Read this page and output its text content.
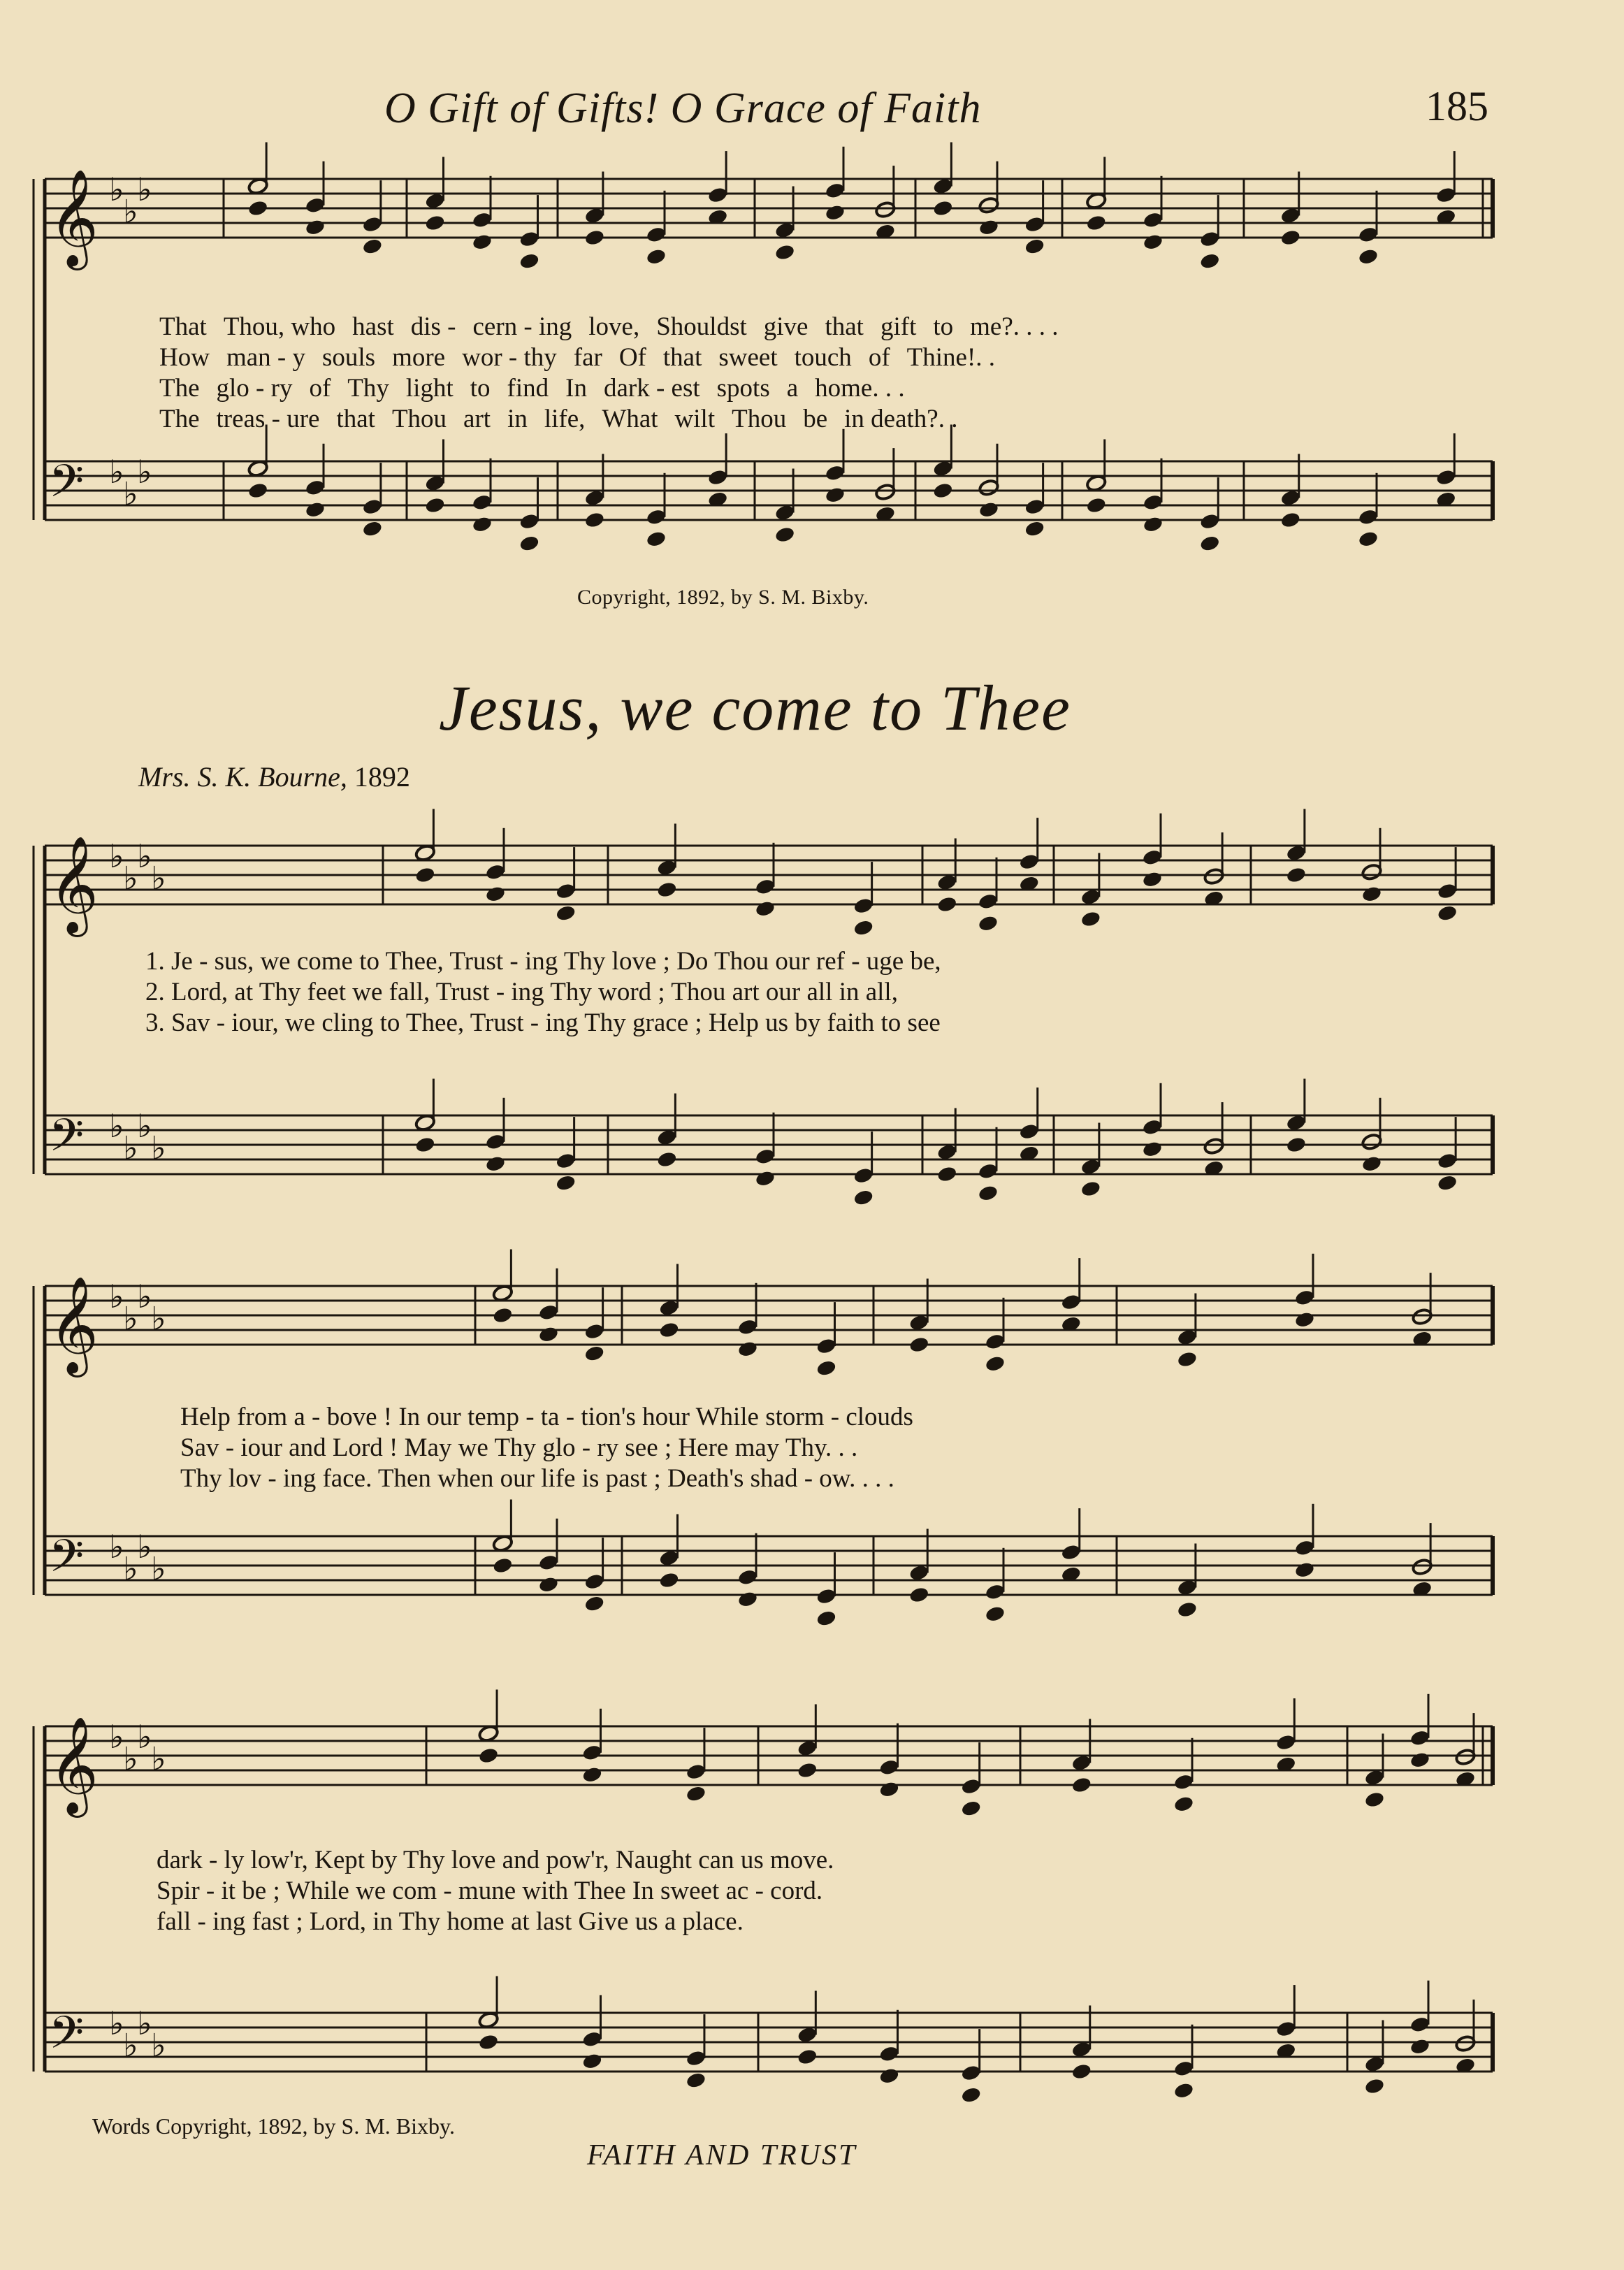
O Gift of Gifts! O Grace of Faith	185
𝄞 ♭
♭
♭
𝄢 ♭
♭
♭
𝄞 ♭
♭
♭
♭
𝄢 ♭
♭
♭
♭
𝄞 ♭
♭
♭
♭
𝄢 ♭
♭
♭
♭
𝄞 ♭
♭
♭
♭
𝄢 ♭
♭
♭
♭
That Thou, who hast dis - cern - ing love, Shouldst give that gift to me?. . . .
How man - y souls more wor - thy far Of that sweet touch of Thine!. .
The glo - ry of Thy light to find In dark - est spots a home. . .
The treas - ure that Thou art in life, What wilt Thou be in death?. .
Copyright, 1892, by S. M. Bixby.
Jesus, we come to Thee
Mrs. S. K. Bourne, 1892
1. Je - sus, we come to Thee, Trust - ing Thy love ; Do Thou our ref - uge be,
2. Lord, at Thy feet we fall, Trust - ing Thy word ; Thou art our all in all,
3. Sav - iour, we cling to Thee, Trust - ing Thy grace ; Help us by faith to see
Help from a - bove ! In our temp - ta - tion's hour While storm - clouds
Sav - iour and Lord ! May we Thy glo - ry see ; Here may Thy. . .
Thy lov - ing face. Then when our life is past ; Death's shad - ow. . . .
dark - ly low'r, Kept by Thy love and pow'r, Naught can us move.
Spir - it be ; While we com - mune with Thee In sweet ac - cord.
fall - ing fast ; Lord, in Thy home at last Give us a place.
Words Copyright, 1892, by S. M. Bixby.
FAITH AND TRUST
